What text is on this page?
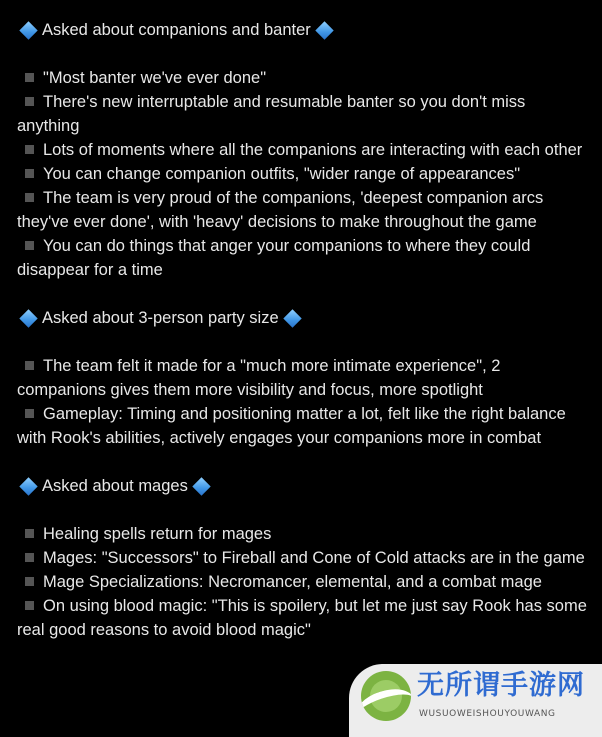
Asked about companions and banter
"Most banter we've ever done"
There's new interruptable and resumable banter so you don't miss anything
Lots of moments where all the companions are interacting with each other
You can change companion outfits, "wider range of appearances"
The team is very proud of the companions, 'deepest companion arcs they've ever done', with 'heavy' decisions to make throughout the game
You can do things that anger your companions to where they could disappear for a time
Asked about 3-person party size
The team felt it made for a "much more intimate experience", 2 companions gives them more visibility and focus, more spotlight
Gameplay: Timing and positioning matter a lot, felt like the right balance with Rook's abilities, actively engages your companions more in combat
Asked about mages
Healing spells return for mages
Mages: "Successors" to Fireball and Cone of Cold attacks are in the game
Mage Specializations: Necromancer, elemental, and a combat mage
On using blood magic: "This is spoilery, but let me just say Rook has some real good reasons to avoid blood magic"
无所谓手游网
WUSUOWEISHOUYOUWANG
